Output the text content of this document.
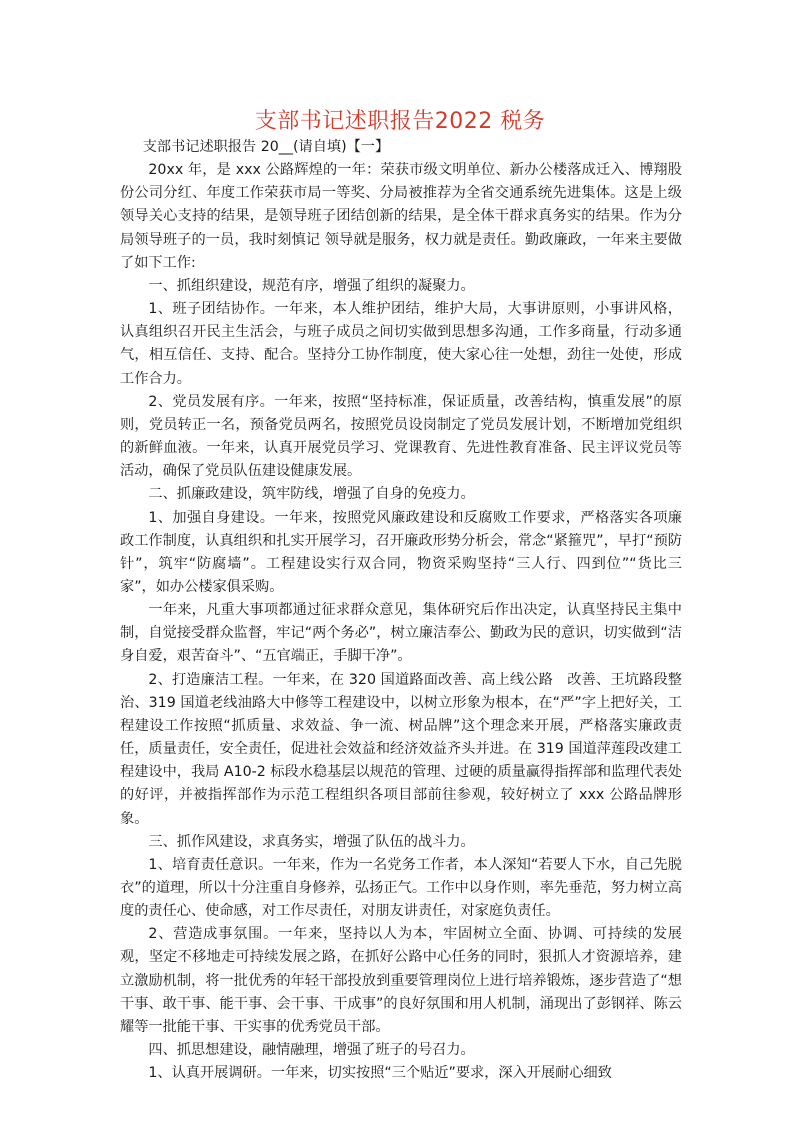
支部书记述职报告2022 税务

支部书记述职报告 20__(请自填)【一】

20xx 年，是 xxx 公路辉煌的一年：荣获市级文明单位、新办公楼落成迁入、博翔股份公司分红、年度工作荣获市局一等奖、分局被推荐为全省交通系统先进集体。这是上级领导关心支持的结果，是领导班子团结创新的结果，是全体干群求真务实的结果。作为分局领导班子的一员，我时刻慎记 领导就是服务，权力就是责任。勤政廉政，一年来主要做了如下工作:

一、抓组织建设，规范有序，增强了组织的凝聚力。

1、班子团结协作。一年来，本人维护团结，维护大局，大事讲原则，小事讲风格，认真组织召开民主生活会，与班子成员之间切实做到思想多沟通，工作多商量，行动多通气，相互信任、支持、配合。坚持分工协作制度，使大家心往一处想，劲往一处使，形成工作合力。

2、党员发展有序。一年来，按照“坚持标准，保证质量，改善结构，慎重发展”的原则，党员转正一名，预备党员两名，按照党员设岗制定了党员发展计划，不断增加党组织的新鲜血液。一年来，认真开展党员学习、党课教育、先进性教育准备、民主评议党员等活动，确保了党员队伍建设健康发展。

二、抓廉政建设，筑牢防线，增强了自身的免疫力。

1、加强自身建设。一年来，按照党风廉政建设和反腐败工作要求，严格落实各项廉政工作制度，认真组织和扎实开展学习，召开廉政形势分析会，常念“紧箍咒”，早打“预防针”，筑牢“防腐墙”。工程建设实行双合同，物资采购坚持“三人行、四到位”“货比三家”，如办公楼家俱采购。

一年来，凡重大事项都通过征求群众意见，集体研究后作出决定，认真坚持民主集中制，自觉接受群众监督，牢记“两个务必”，树立廉洁奉公、勤政为民的意识，切实做到“洁身自爱，艰苦奋斗”、“五官端正，手脚干净”。

2、打造廉洁工程。一年来，在 320 国道路面改善、高上线公路　改善、王坑路段整治、319 国道老线油路大中修等工程建设中，以树立形象为根本，在“严”字上把好关，工程建设工作按照“抓质量、求效益、争一流、树品牌”这个理念来开展，严格落实廉政责任，质量责任，安全责任，促进社会效益和经济效益齐头并进。在 319 国道萍莲段改建工程建设中，我局 A10-2 标段水稳基层以规范的管理、过硬的质量赢得指挥部和监理代表处的好评，并被指挥部作为示范工程组织各项目部前往参观，较好树立了 xxx 公路品牌形象。

三、抓作风建设，求真务实，增强了队伍的战斗力。

1、培育责任意识。一年来，作为一名党务工作者，本人深知“若要人下水，自己先脱衣”的道理，所以十分注重自身修养，弘扬正气。工作中以身作则，率先垂范，努力树立高度的责任心、使命感，对工作尽责任，对朋友讲责任，对家庭负责任。

2、营造成事氛围。一年来，坚持以人为本，牢固树立全面、协调、可持续的发展观，坚定不移地走可持续发展之路，在抓好公路中心任务的同时，狠抓人才资源培养，建立激励机制，将一批优秀的年轻干部投放到重要管理岗位上进行培养锻炼，逐步营造了“想干事、敢干事、能干事、会干事、干成事”的良好氛围和用人机制，涌现出了彭钢祥、陈云耀等一批能干事、干实事的优秀党员干部。

四、抓思想建设，融情融理，增强了班子的号召力。

1、认真开展调研。一年来，切实按照“三个贴近”要求，深入开展耐心细致
